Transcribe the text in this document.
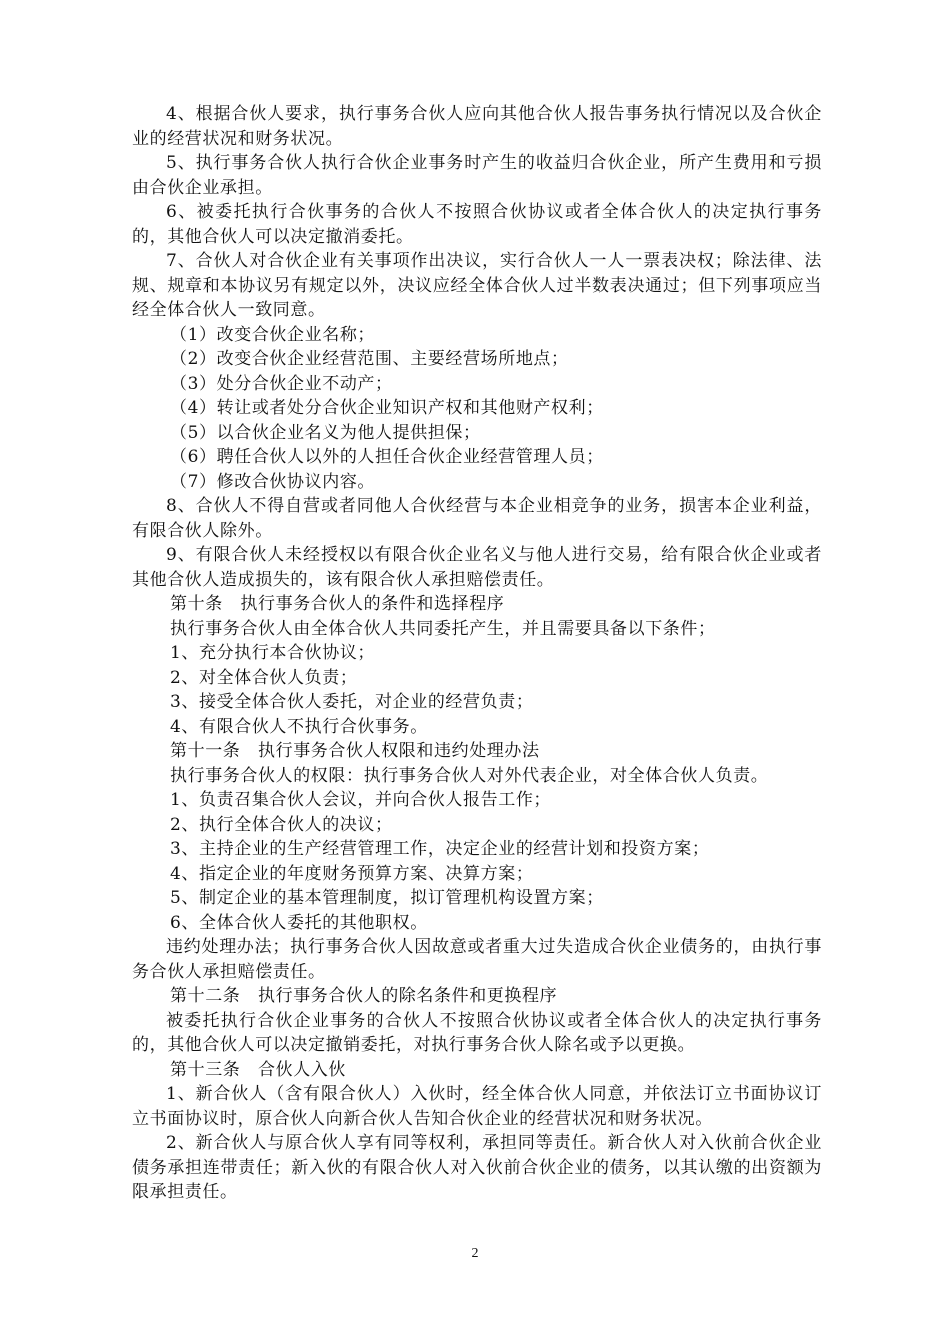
4、根据合伙人要求，执行事务合伙人应向其他合伙人报告事务执行情况以及合伙企业的经营状况和财务状况。

5、执行事务合伙人执行合伙企业事务时产生的收益归合伙企业，所产生费用和亏损由合伙企业承担。

6、被委托执行合伙事务的合伙人不按照合伙协议或者全体合伙人的决定执行事务的，其他合伙人可以决定撤消委托。

7、合伙人对合伙企业有关事项作出决议，实行合伙人一人一票表决权；除法律、法规、规章和本协议另有规定以外，决议应经全体合伙人过半数表决通过；但下列事项应当经全体合伙人一致同意。

（1）改变合伙企业名称；

（2）改变合伙企业经营范围、主要经营场所地点；

（3）处分合伙企业不动产；

（4）转让或者处分合伙企业知识产权和其他财产权利；

（5）以合伙企业名义为他人提供担保；

（6）聘任合伙人以外的人担任合伙企业经营管理人员；

（7）修改合伙协议内容。

8、合伙人不得自营或者同他人合伙经营与本企业相竞争的业务，损害本企业利益，有限合伙人除外。

9、有限合伙人未经授权以有限合伙企业名义与他人进行交易，给有限合伙企业或者其他合伙人造成损失的，该有限合伙人承担赔偿责任。

第十条　执行事务合伙人的条件和选择程序

执行事务合伙人由全体合伙人共同委托产生，并且需要具备以下条件；

1、充分执行本合伙协议；

2、对全体合伙人负责；

3、接受全体合伙人委托，对企业的经营负责；

4、有限合伙人不执行合伙事务。

第十一条　执行事务合伙人权限和违约处理办法

执行事务合伙人的权限：执行事务合伙人对外代表企业，对全体合伙人负责。

1、负责召集合伙人会议，并向合伙人报告工作；

2、执行全体合伙人的决议；

3、主持企业的生产经营管理工作，决定企业的经营计划和投资方案；

4、指定企业的年度财务预算方案、决算方案；

5、制定企业的基本管理制度，拟订管理机构设置方案；

6、全体合伙人委托的其他职权。

违约处理办法；执行事务合伙人因故意或者重大过失造成合伙企业债务的，由执行事务合伙人承担赔偿责任。

第十二条　执行事务合伙人的除名条件和更换程序

被委托执行合伙企业事务的合伙人不按照合伙协议或者全体合伙人的决定执行事务的，其他合伙人可以决定撤销委托，对执行事务合伙人除名或予以更换。

第十三条　合伙人入伙

1、新合伙人（含有限合伙人）入伙时，经全体合伙人同意，并依法订立书面协议订立书面协议时，原合伙人向新合伙人告知合伙企业的经营状况和财务状况。

2、新合伙人与原合伙人享有同等权利，承担同等责任。新合伙人对入伙前合伙企业债务承担连带责任；新入伙的有限合伙人对入伙前合伙企业的债务，以其认缴的出资额为限承担责任。

2
